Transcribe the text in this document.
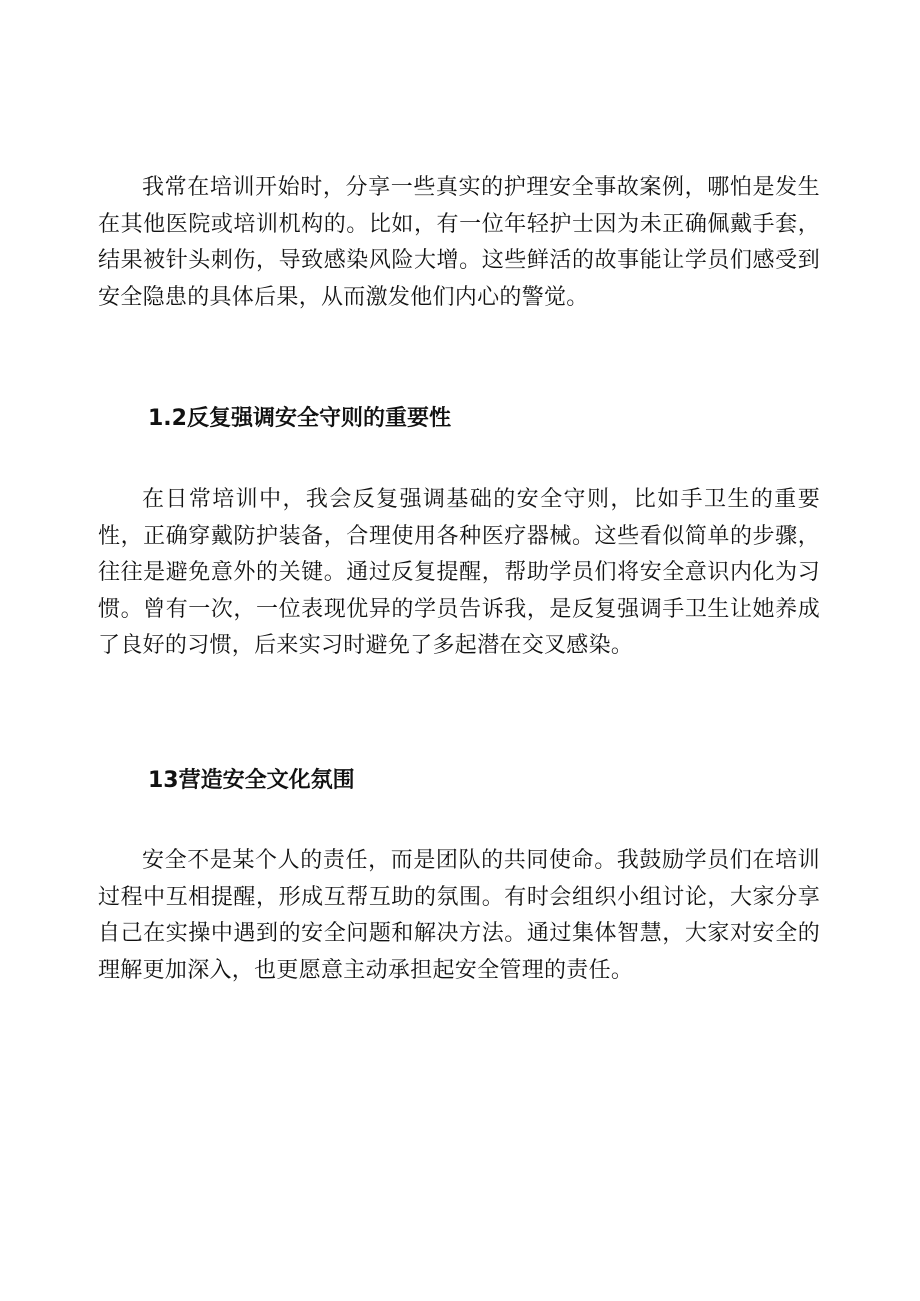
我常在培训开始时，分享一些真实的护理安全事故案例，哪怕是发生在其他医院或培训机构的。比如，有一位年轻护士因为未正确佩戴手套，结果被针头刺伤，导致感染风险大增。这些鲜活的故事能让学员们感受到安全隐患的具体后果，从而激发他们内心的警觉。

1.2反复强调安全守则的重要性

在日常培训中，我会反复强调基础的安全守则，比如手卫生的重要性，正确穿戴防护装备，合理使用各种医疗器械。这些看似简单的步骤，往往是避免意外的关键。通过反复提醒，帮助学员们将安全意识内化为习惯。曾有一次，一位表现优异的学员告诉我，是反复强调手卫生让她养成了良好的习惯，后来实习时避免了多起潜在交叉感染。

13营造安全文化氛围

安全不是某个人的责任，而是团队的共同使命。我鼓励学员们在培训过程中互相提醒，形成互帮互助的氛围。有时会组织小组讨论，大家分享自己在实操中遇到的安全问题和解决方法。通过集体智慧，大家对安全的理解更加深入，也更愿意主动承担起安全管理的责任。
